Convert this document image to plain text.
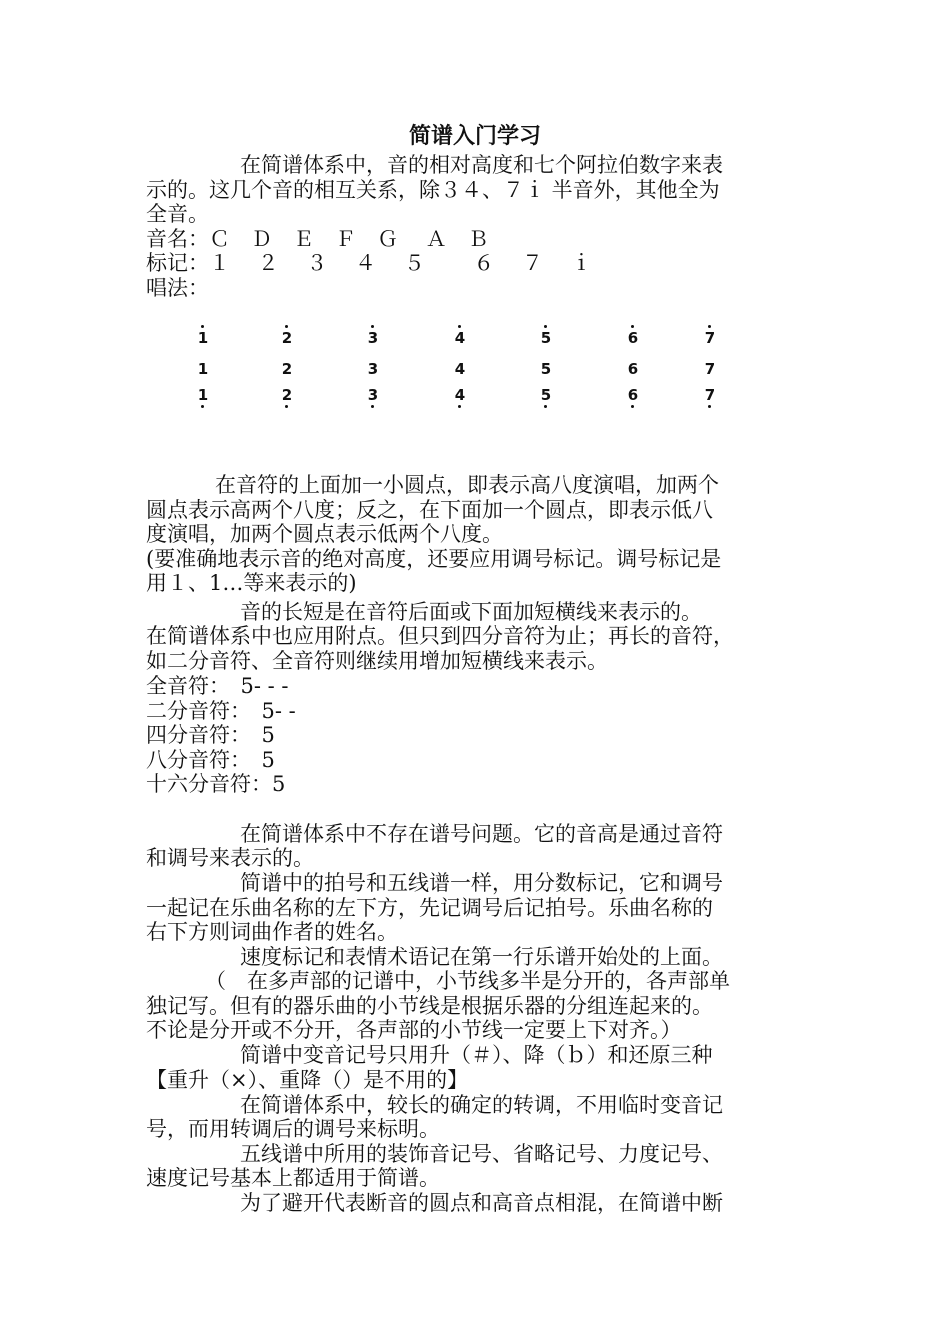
简谱入门学习
在简谱体系中，音的相对高度和七个阿拉伯数字来表
示的。这几个音的相互关系，除３４、７ｉ 半音外，其他全为
全音。
音名：Ｃ　Ｄ　Ｅ　Ｆ　Ｇ　 Ａ　Ｂ
标记：１　 ２　 ３　 ４　 ５　　 ６　 ７　 ｉ
唱法：
1	2	3	4	5	6	7
1	2	3	4	5	6	7
1	2	3	4	5	6	7
在音符的上面加一小圆点，即表示高八度演唱，加两个
圆点表示高两个八度；反之，在下面加一个圆点，即表示低八
度演唱，加两个圆点表示低两个八度。
(要准确地表示音的绝对高度，还要应用调号标记。调号标记是
用１、1…等来表示的)
音的长短是在音符后面或下面加短横线来表示的。
在简谱体系中也应用附点。但只到四分音符为止；再长的音符，
如二分音符、全音符则继续用增加短横线来表示。
全音符：　5- - -
二分音符：　5- -
四分音符：　5
八分音符：　5
十六分音符：5
在简谱体系中不存在谱号问题。它的音高是通过音符
和调号来表示的。
简谱中的拍号和五线谱一样，用分数标记，它和调号
一起记在乐曲名称的左下方，先记调号后记拍号。乐曲名称的
右下方则词曲作者的姓名。
速度标记和表情术语记在第一行乐谱开始处的上面。
（　在多声部的记谱中，小节线多半是分开的，各声部单
独记写。但有的器乐曲的小节线是根据乐器的分组连起来的。
不论是分开或不分开，各声部的小节线一定要上下对齐。）
简谱中变音记号只用升（＃）、降（ｂ）和还原三种
【重升（×）、重降（）是不用的】
在简谱体系中，较长的确定的转调，不用临时变音记
号，而用转调后的调号来标明。
五线谱中所用的装饰音记号、省略记号、力度记号、
速度记号基本上都适用于简谱。
为了避开代表断音的圆点和高音点相混，在简谱中断
